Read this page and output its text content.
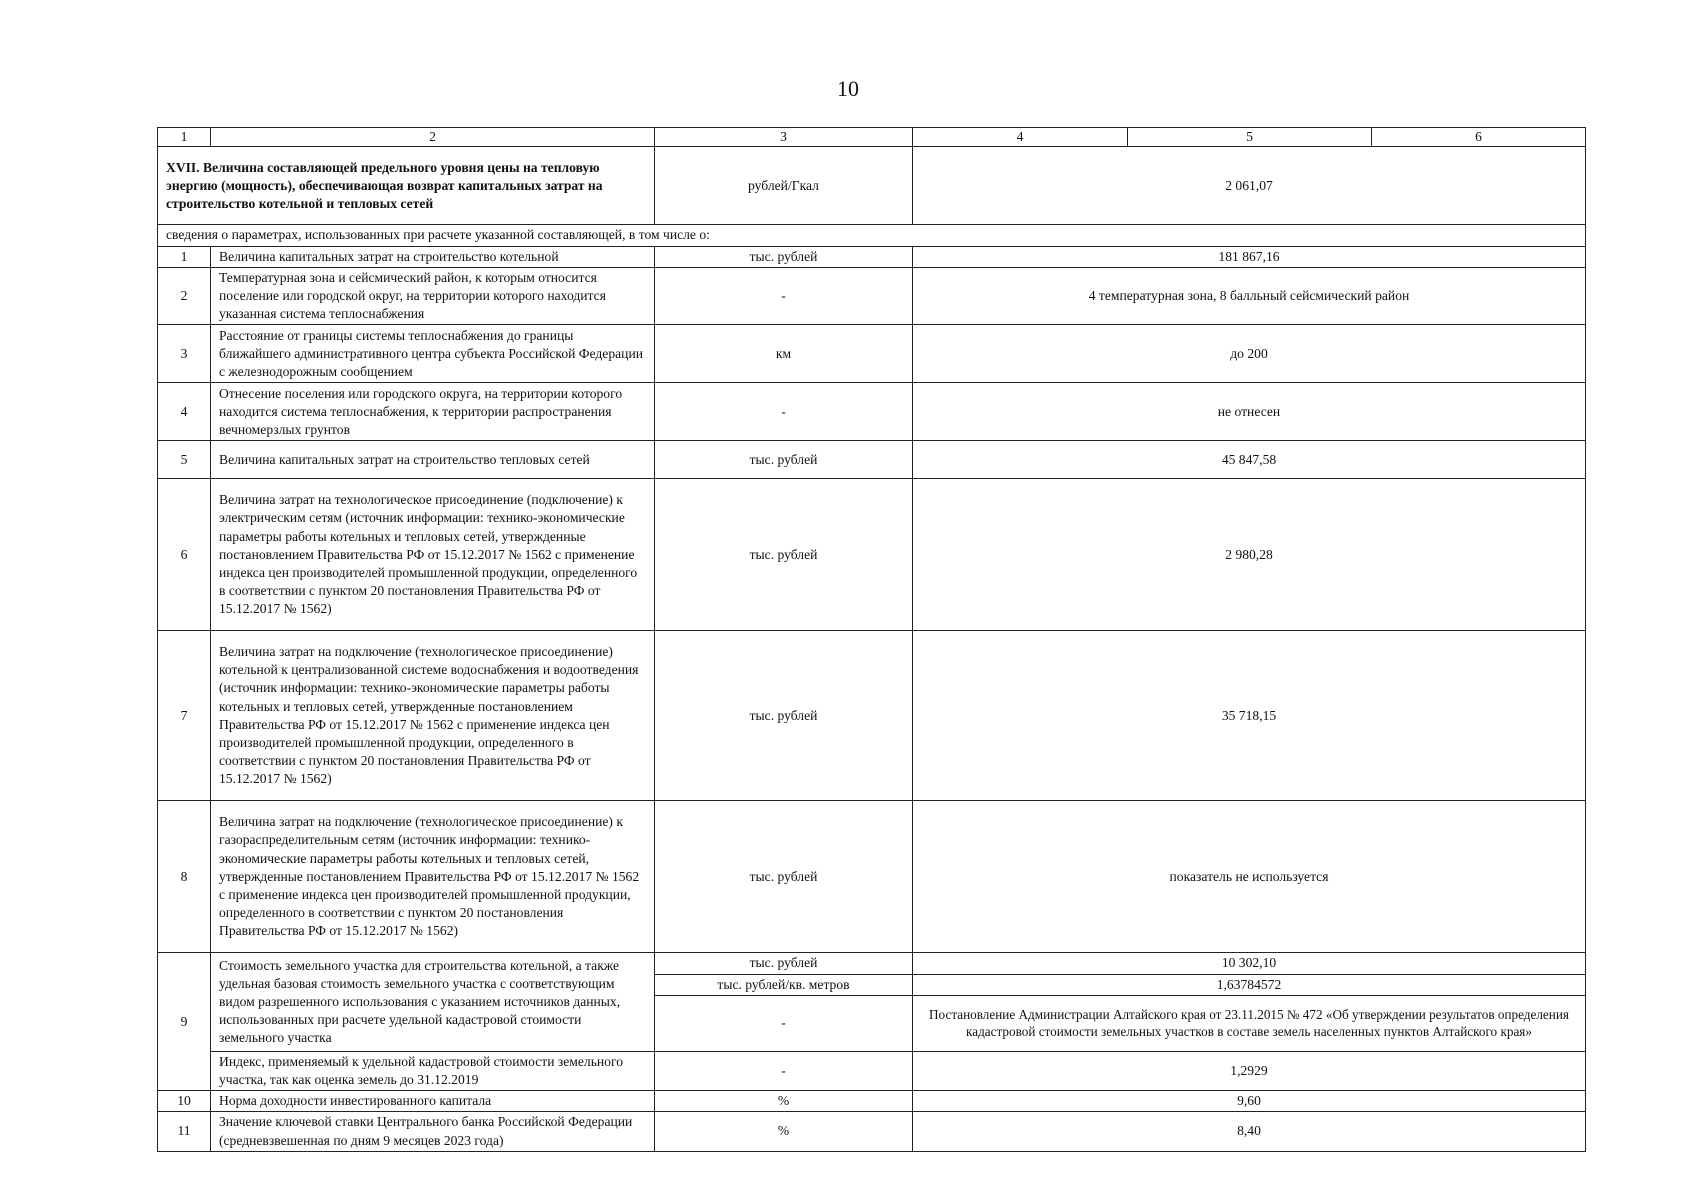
10
1	2	3	4	5	6
XVII. Величина составляющей предельного уровня цены на тепловую энергию (мощность), обеспечивающая возврат капитальных затрат на строительство котельной и тепловых сетей		рублей/Гкал	2 061,07		
сведения о параметрах, использованных при расчете указанной составляющей, в том числе о:					
1	Величина капитальных затрат на строительство котельной	тыс. рублей	181 867,16		
2	Температурная зона и сейсмический район, к которым относится поселение или городской округ, на территории которого находится указанная система теплоснабжения	-	4 температурная зона, 8 балльный сейсмический район		
3	Расстояние от границы системы теплоснабжения до границы ближайшего административного центра субъекта Российской Федерации с железнодорожным сообщением	км	до 200		
4	Отнесение поселения или городского округа, на территории которого находится система теплоснабжения, к территории распространения вечномерзлых грунтов	-	не отнесен		
5	Величина капитальных затрат на строительство тепловых сетей	тыс. рублей	45 847,58		
6	Величина затрат на технологическое присоединение (подключение) к электрическим сетям (источник информации: технико-экономические параметры работы котельных и тепловых сетей, утвержденные постановлением Правительства РФ от 15.12.2017 № 1562 с применение индекса цен производителей промышленной продукции, определенного в соответствии с пунктом 20 постановления Правительства РФ от 15.12.2017 № 1562)	тыс. рублей	2 980,28		
7	Величина затрат на подключение (технологическое присоединение) котельной к централизованной системе водоснабжения и водоотведения (источник информации: технико-экономические параметры работы котельных и тепловых сетей, утвержденные постановлением Правительства РФ от 15.12.2017 № 1562 с применение индекса цен производителей промышленной продукции, определенного в соответствии с пунктом 20 постановления Правительства РФ от 15.12.2017 № 1562)	тыс. рублей	35 718,15		
8	Величина затрат на подключение (технологическое присоединение) к газораспределительным сетям (источник информации: технико-экономические параметры работы котельных и тепловых сетей, утвержденные постановлением Правительства РФ от 15.12.2017 № 1562 с применение индекса цен производителей промышленной продукции, определенного в соответствии с пунктом 20 постановления Правительства РФ от 15.12.2017 № 1562)	тыс. рублей	показатель не используется		
9	Стоимость земельного участка для строительства котельной, а также удельная базовая стоимость земельного участка с соответствующим видом разрешенного использования с указанием источников данных, использованных при расчете удельной кадастровой стоимости земельного участка	тыс. рублей	10 302,10		
		тыс. рублей/кв. метров	1,63784572		
		-	Постановление Администрации Алтайского края от 23.11.2015 № 472 «Об утверждении результатов определения кадастровой стоимости земельных участков в составе земель населенных пунктов Алтайского края»		
	Индекс, применяемый к удельной кадастровой стоимости земельного участка, так как оценка земель до 31.12.2019	-	1,2929		
10	Норма доходности инвестированного капитала	%	9,60		
11	Значение ключевой ставки Центрального банка Российской Федерации (средневзвешенная по дням 9 месяцев 2023 года)	%	8,40		
